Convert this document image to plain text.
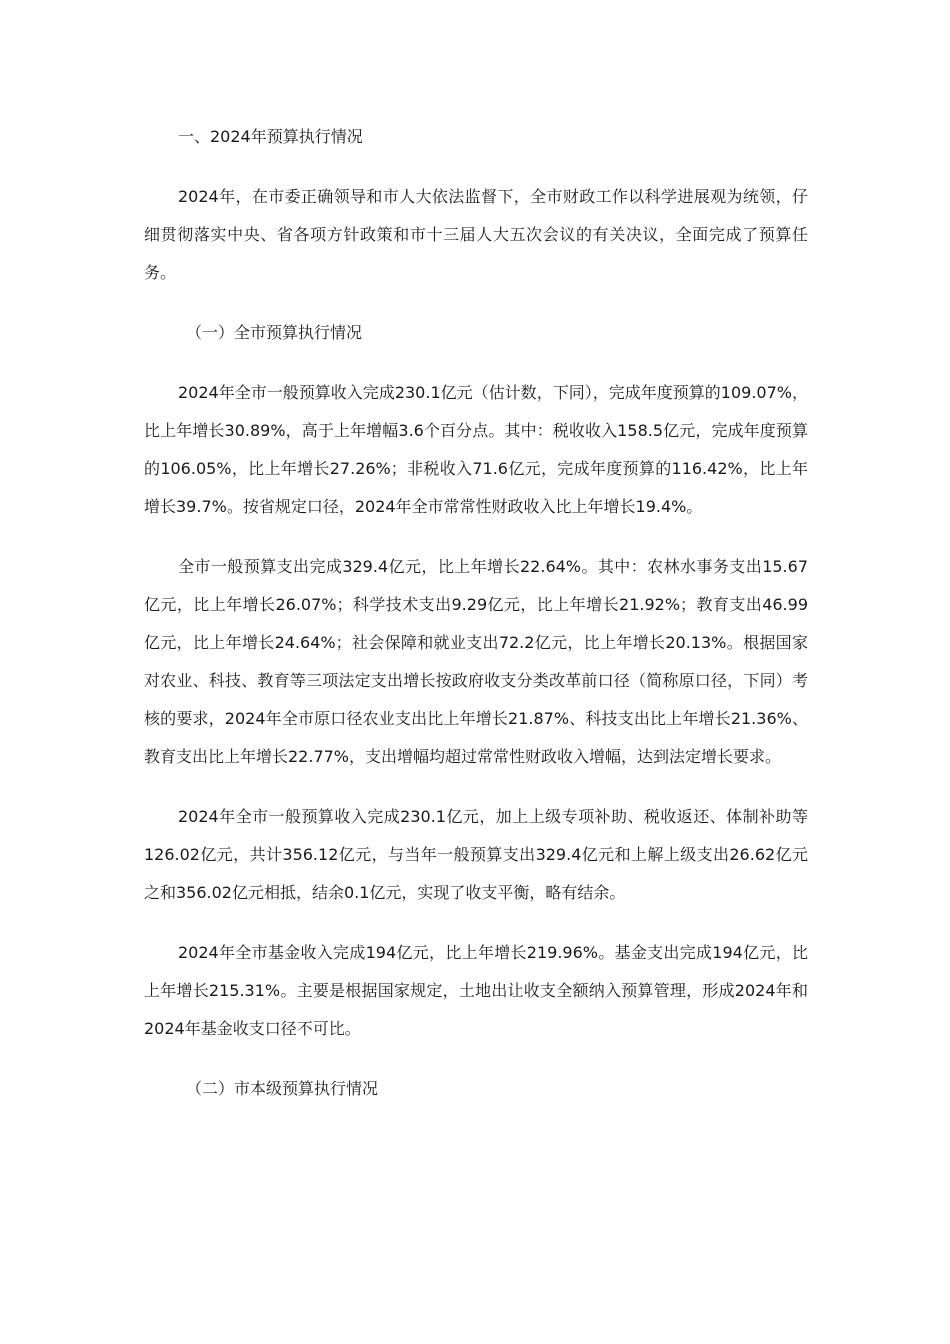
一、2024年预算执行情况

2024年，在市委正确领导和市人大依法监督下，全市财政工作以科学进展观为统领，仔细贯彻落实中央、省各项方针政策和市十三届人大五次会议的有关决议，全面完成了预算任务。

（一）全市预算执行情况

2024年全市一般预算收入完成230.1亿元（估计数，下同），完成年度预算的109.07%，比上年增长30.89%，高于上年增幅3.6个百分点。其中：税收收入158.5亿元，完成年度预算的106.05%，比上年增长27.26%；非税收入71.6亿元，完成年度预算的116.42%，比上年增长39.7%。按省规定口径，2024年全市常常性财政收入比上年增长19.4%。

全市一般预算支出完成329.4亿元，比上年增长22.64%。其中：农林水事务支出15.67亿元，比上年增长26.07%；科学技术支出9.29亿元，比上年增长21.92%；教育支出46.99亿元，比上年增长24.64%；社会保障和就业支出72.2亿元，比上年增长20.13%。根据国家对农业、科技、教育等三项法定支出增长按政府收支分类改革前口径（简称原口径，下同）考核的要求，2024年全市原口径农业支出比上年增长21.87%、科技支出比上年增长21.36%、教育支出比上年增长22.77%，支出增幅均超过常常性财政收入增幅，达到法定增长要求。

2024年全市一般预算收入完成230.1亿元，加上上级专项补助、税收返还、体制补助等126.02亿元，共计356.12亿元，与当年一般预算支出329.4亿元和上解上级支出26.62亿元之和356.02亿元相抵，结余0.1亿元，实现了收支平衡，略有结余。

2024年全市基金收入完成194亿元，比上年增长219.96%。基金支出完成194亿元，比上年增长215.31%。主要是根据国家规定，土地出让收支全额纳入预算管理，形成2024年和2024年基金收支口径不可比。

（二）市本级预算执行情况
